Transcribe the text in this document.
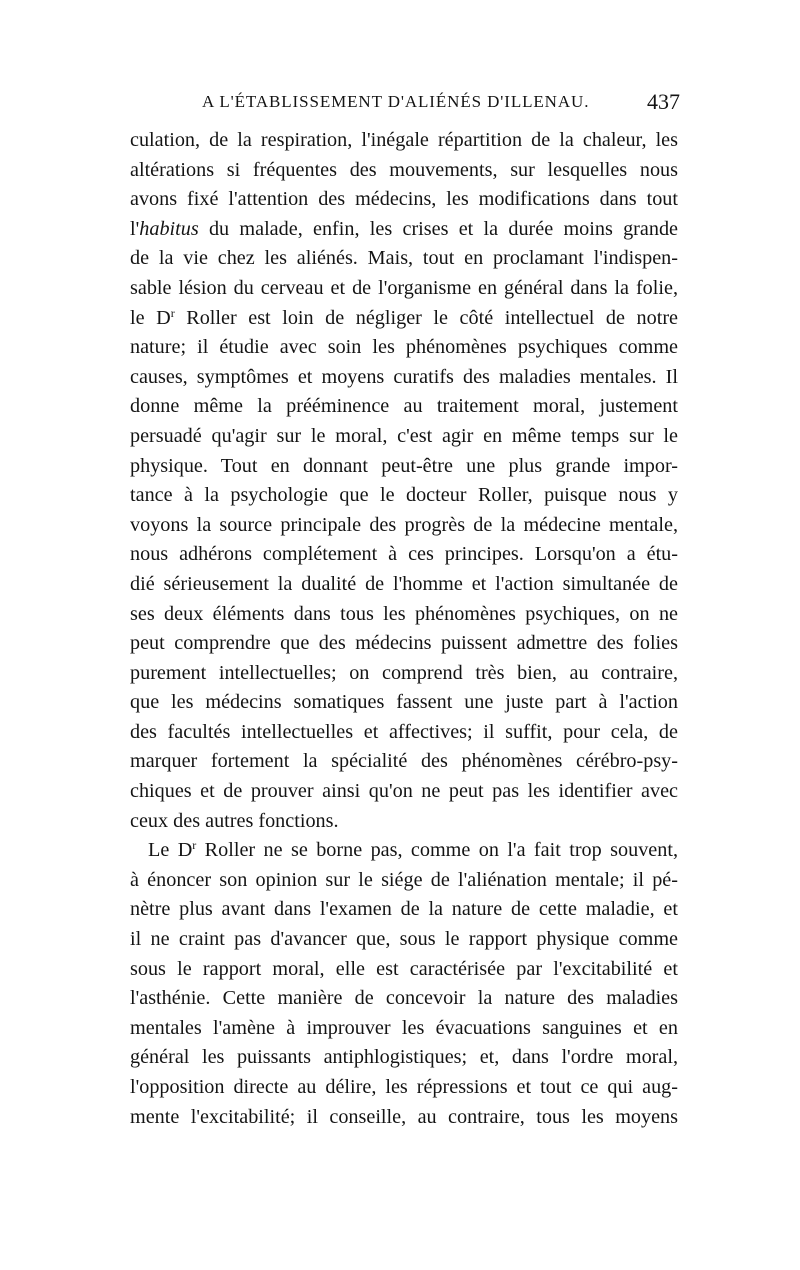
A L'ÉTABLISSEMENT D'ALIÉNÉS D'ILLENAU.	437
culation, de la respiration, l'inégale répartition de la chaleur, les
altérations si fréquentes des mouvements, sur lesquelles nous
avons fixé l'attention des médecins, les modifications dans tout
l'habitus du malade, enfin, les crises et la durée moins grande
de la vie chez les aliénés. Mais, tout en proclamant l'indispen-
sable lésion du cerveau et de l'organisme en général dans la folie,
le $D^r$ Roller est loin de négliger le côté intellectuel de notre
nature; il étudie avec soin les phénomènes psychiques comme
causes, symptômes et moyens curatifs des maladies mentales. Il
donne même la prééminence au traitement moral, justement
persuadé qu'agir sur le moral, c'est agir en même temps sur le
physique. Tout en donnant peut-être une plus grande impor-
tance à la psychologie que le docteur Roller, puisque nous y
voyons la source principale des progrès de la médecine mentale,
nous adhérons complétement à ces principes. Lorsqu'on a étu-
dié sérieusement la dualité de l'homme et l'action simultanée de
ses deux éléments dans tous les phénomènes psychiques, on ne
peut comprendre que des médecins puissent admettre des folies
purement intellectuelles; on comprend très bien, au contraire,
que les médecins somatiques fassent une juste part à l'action
des facultés intellectuelles et affectives; il suffit, pour cela, de
marquer fortement la spécialité des phénomènes cérébro-psy-
chiques et de prouver ainsi qu'on ne peut pas les identifier avec
ceux des autres fonctions.
Le $D^r$ Roller ne se borne pas, comme on l'a fait trop souvent,
à énoncer son opinion sur le siége de l'aliénation mentale; il pé-
nètre plus avant dans l'examen de la nature de cette maladie, et
il ne craint pas d'avancer que, sous le rapport physique comme
sous le rapport moral, elle est caractérisée par l'excitabilité et
l'asthénie. Cette manière de concevoir la nature des maladies
mentales l'amène à improuver les évacuations sanguines et en
général les puissants antiphlogistiques; et, dans l'ordre moral,
l'opposition directe au délire, les répressions et tout ce qui aug-
mente l'excitabilité; il conseille, au contraire, tous les moyens
